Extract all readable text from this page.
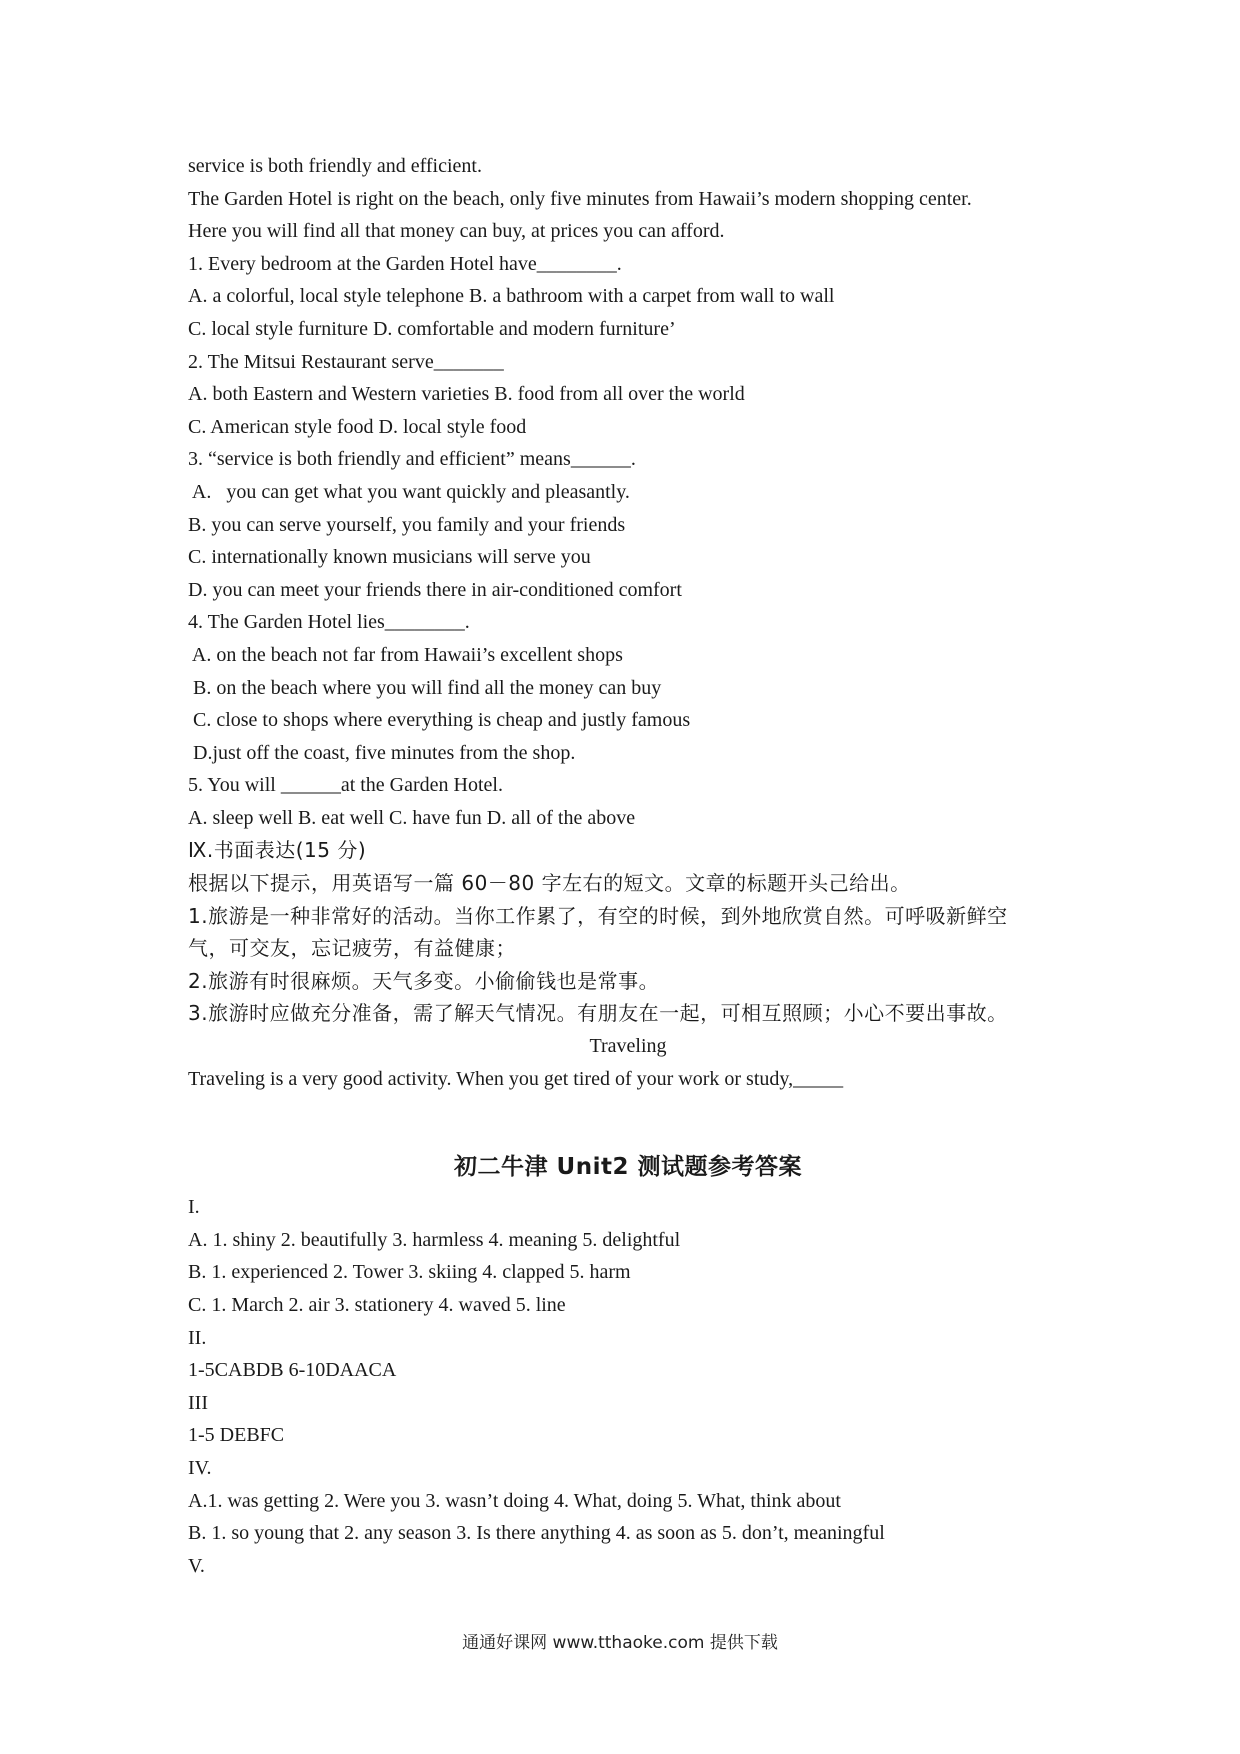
service is both friendly and efficient.
The Garden Hotel is right on the beach, only five minutes from Hawaii’s modern shopping center.
Here you will find all that money can buy, at prices you can afford.
1. Every bedroom at the Garden Hotel have________.
A. a colorful, local style telephone B. a bathroom with a carpet from wall to wall
C. local style furniture D. comfortable and modern furniture’
2. The Mitsui Restaurant serve_______
A. both Eastern and Western varieties B. food from all over the world
C. American style food D. local style food
3. “service is both friendly and efficient” means______.
A.   you can get what you want quickly and pleasantly.
B. you can serve yourself, you family and your friends
C. internationally known musicians will serve you
D. you can meet your friends there in air-conditioned comfort
4. The Garden Hotel lies________.
A. on the beach not far from Hawaii’s excellent shops
B. on the beach where you will find all the money can buy
C. close to shops where everything is cheap and justly famous
D.just off the coast, five minutes from the shop.
5. You will ______at the Garden Hotel.
A. sleep well B. eat well C. have fun D. all of the above
Ⅸ.书面表达(15 分)
根据以下提示，用英语写一篇 60－80 字左右的短文。文章的标题开头己给出。
1.旅游是一种非常好的活动。当你工作累了，有空的时候，到外地欣赏自然。可呼吸新鲜空
气，可交友，忘记疲劳，有益健康；
2.旅游有时很麻烦。天气多变。小偷偷钱也是常事。
3.旅游时应做充分准备，需了解天气情况。有朋友在一起，可相互照顾；小心不要出事故。
Traveling
Traveling is a very good activity. When you get tired of your work or study,_____
初二牛津 Unit2 测试题参考答案
I.
A. 1. shiny 2. beautifully 3. harmless 4. meaning 5. delightful
B. 1. experienced 2. Tower 3. skiing 4. clapped 5. harm
C. 1. March 2. air 3. stationery 4. waved 5. line
II.
1-5CABDB 6-10DAACA
III
1-5 DEBFC
IV.
A.1. was getting 2. Were you 3. wasn’t doing 4. What, doing 5. What, think about
B. 1. so young that 2. any season 3. Is there anything 4. as soon as 5. don’t, meaningful
V.
通通好课网 www.tthaoke.com 提供下载
